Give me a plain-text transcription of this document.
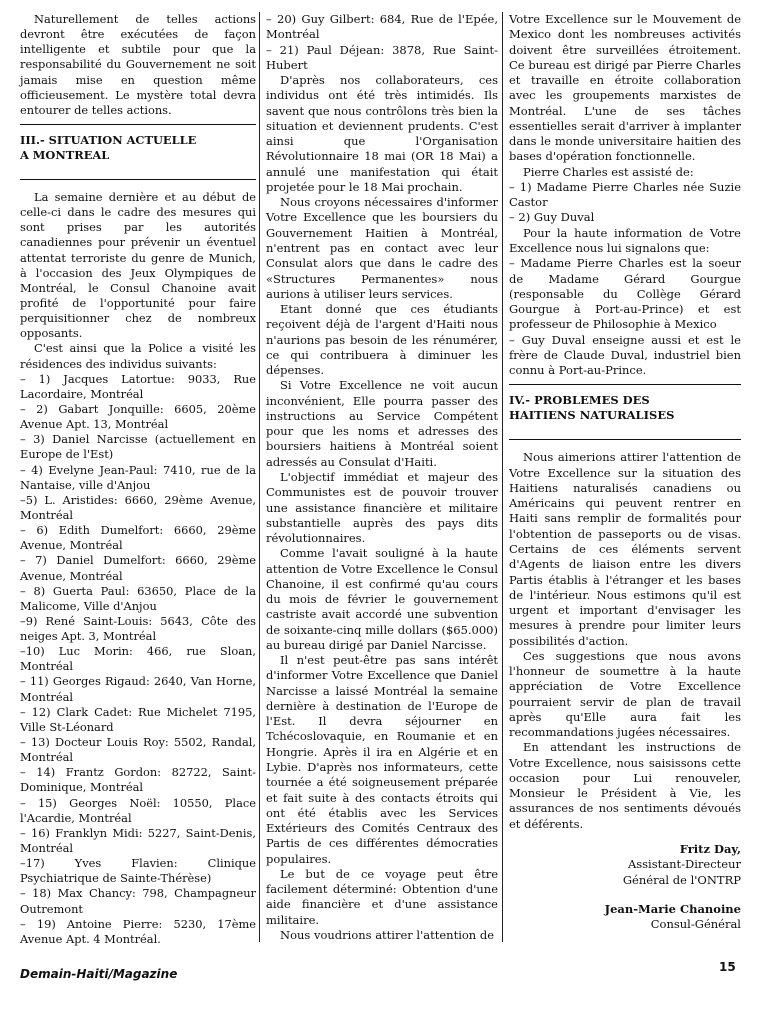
Naturellement de telles actions devront être exécutées de façon intelligente et subtile pour que la responsabilité du Gouvernement ne soit jamais mise en question même officieusement. Le mystère total devra entourer de telles actions.

III.- SITUATION ACTUELLE
A MONTREAL

La semaine dernière et au début de celle-ci dans le cadre des mesures qui sont prises par les autorités canadiennes pour prévenir un éventuel attentat terroriste du genre de Munich, à l'occasion des Jeux Olympiques de Montréal, le Consul Chanoine avait profité de l'opportunité pour faire perquisitionner chez de nombreux opposants.

C'est ainsi que la Police a visité les résidences des individus suivants:

– 1) Jacques Latortue: 9033, Rue Lacordaire, Montréal

– 2) Gabart Jonquille: 6605, 20ème Avenue Apt. 13, Montréal

– 3) Daniel Narcisse (actuellement en Europe de l'Est)

– 4) Evelyne Jean-Paul: 7410, rue de la Nantaise, ville d'Anjou

–5) L. Aristides: 6660, 29ème Avenue, Montréal

– 6) Edith Dumelfort: 6660, 29ème Avenue, Montréal

– 7) Daniel Dumelfort: 6660, 29ème Avenue, Montréal

– 8) Guerta Paul: 63650, Place de la Malicome, Ville d'Anjou

–9) René Saint-Louis: 5643, Côte des neiges Apt. 3, Montréal

–10) Luc Morin: 466, rue Sloan, Montréal

– 11) Georges Rigaud: 2640, Van Horne, Montréal

– 12) Clark Cadet: Rue Michelet 7195, Ville St-Léonard

– 13) Docteur Louis Roy: 5502, Randal, Montréal

– 14) Frantz Gordon: 82722, Saint-Dominique, Montréal

– 15) Georges Noël: 10550, Place l'Acardie, Montréal

– 16) Franklyn Midi: 5227, Saint-Denis, Montréal

–17) Yves Flavien: Clinique Psychiatrique de Sainte-Thérèse)

– 18) Max Chancy: 798, Champagneur Outremont

– 19) Antoine Pierre: 5230, 17ème Avenue Apt. 4 Montréal.

– 20) Guy Gilbert: 684, Rue de l'Epée, Montréal

– 21) Paul Déjean: 3878, Rue Saint-Hubert

D'après nos collaborateurs, ces individus ont été très intimidés. Ils savent que nous contrôlons très bien la situation et deviennent prudents. C'est ainsi que l'Organisation Révolutionnaire 18 mai (OR 18 Mai) a annulé une manifestation qui était projetée pour le 18 Mai prochain.

Nous croyons nécessaires d'informer Votre Excellence que les boursiers du Gouvernement Haitien à Montréal, n'entrent pas en contact avec leur Consulat alors que dans le cadre des «Structures Permanentes» nous aurions à utiliser leurs services.

Etant donné que ces étudiants reçoivent déjà de l'argent d'Haiti nous n'aurions pas besoin de les rénumérer, ce qui contribuera à diminuer les dépenses.

Si Votre Excellence ne voit aucun inconvénient, Elle pourra passer des instructions au Service Compétent pour que les noms et adresses des boursiers haitiens à Montréal soient adressés au Consulat d'Haiti.

L'objectif immédiat et majeur des Communistes est de pouvoir trouver une assistance financière et militaire substantielle auprès des pays dits révolutionnaires.

Comme l'avait souligné à la haute attention de Votre Excellence le Consul Chanoine, il est confirmé qu'au cours du mois de février le gouvernement castriste avait accordé une subvention de soixante-cinq mille dollars ($65.000) au bureau dirigé par Daniel Narcisse.

Il n'est peut-être pas sans intérêt d'informer Votre Excellence que Daniel Narcisse a laissé Montréal la semaine dernière à destination de l'Europe de l'Est. Il devra séjourner en Tchécoslovaquie, en Roumanie et en Hongrie. Après il ira en Algérie et en Lybie. D'après nos informateurs, cette tournée a été soigneusement préparée et fait suite à des contacts étroits qui ont été établis avec les Services Extérieurs des Comités Centraux des Partis de ces différentes démocraties populaires.

Le but de ce voyage peut être facilement déterminé: Obtention d'une aide financière et d'une assistance militaire.

Nous voudrions attirer l'attention de

Votre Excellence sur le Mouvement de Mexico dont les nombreuses activités doivent être surveillées étroitement. Ce bureau est dirigé par Pierre Charles et travaille en étroite collaboration avec les groupements marxistes de Montréal. L'une de ses tâches essentielles serait d'arriver à implanter dans le monde universitaire haitien des bases d'opération fonctionnelle.

Pierre Charles est assisté de:

– 1) Madame Pierre Charles née Suzie Castor

– 2) Guy Duval

Pour la haute information de Votre Excellence nous lui signalons que:

– Madame Pierre Charles est la soeur de Madame Gérard Gourgue (responsable du Collège Gérard Gourgue à Port-au-Prince) et est professeur de Philosophie à Mexico

– Guy Duval enseigne aussi et est le frère de Claude Duval, industriel bien connu à Port-au-Prince.

IV.- PROBLEMES DES
HAITIENS NATURALISES

Nous aimerions attirer l'attention de Votre Excellence sur la situation des Haitiens naturalisés canadiens ou Américains qui peuvent rentrer en Haiti sans remplir de formalités pour l'obtention de passeports ou de visas. Certains de ces éléments servent d'Agents de liaison entre les divers Partis établis à l'étranger et les bases de l'intérieur. Nous estimons qu'il est urgent et important d'envisager les mesures à prendre pour limiter leurs possibilités d'action.

Ces suggestions que nous avons l'honneur de soumettre à la haute appréciation de Votre Excellence pourraient servir de plan de travail après qu'Elle aura fait les recommandations jugées nécessaires.

En attendant les instructions de Votre Excellence, nous saisissons cette occasion pour Lui renouveler, Monsieur le Président à Vie, les assurances de nos sentiments dévoués et déférents.

Fritz Day,
Assistant-Directeur
Général de l'ONTRP
Jean-Marie Chanoine
Consul-Général
Demain-Haiti/Magazine	15
